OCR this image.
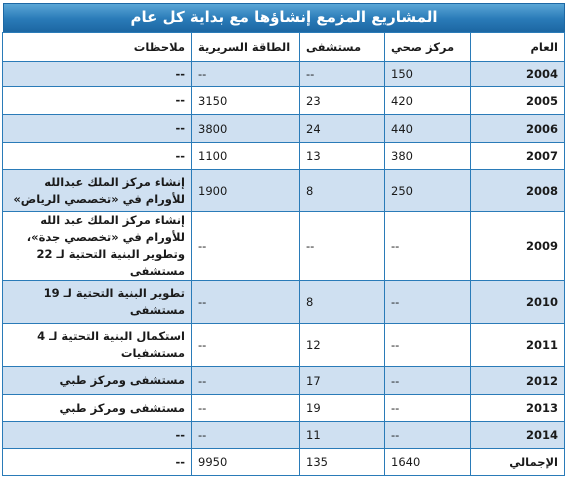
المشاريع المزمع إنشاؤها مع بداية كل عام
العام	مركز صحي	مستشفى	الطاقة السريرية	ملاحظات
2004	150	--	--	--
2005	420	23	3150	--
2006	440	24	3800	--
2007	380	13	1100	--
2008	250	8	1900	إنشاء مركز الملك عبدالله للأورام في «تخصصي الرياض»
2009	--	--	--	إنشاء مركز الملك عبد الله للأورام في «تخصصي جدة»، وتطوير البنية التحتية لـ 22 مستشفى
2010	--	8	--	تطوير البنية التحتية لـ 19 مستشفى
2011	--	12	--	استكمال البنية التحتية لـ 4 مستشفيات
2012	--	17	--	مستشفى ومركز طبي
2013	--	19	--	مستشفى ومركز طبي
2014	--	11	--	--
الإجمالي	1640	135	9950	--
